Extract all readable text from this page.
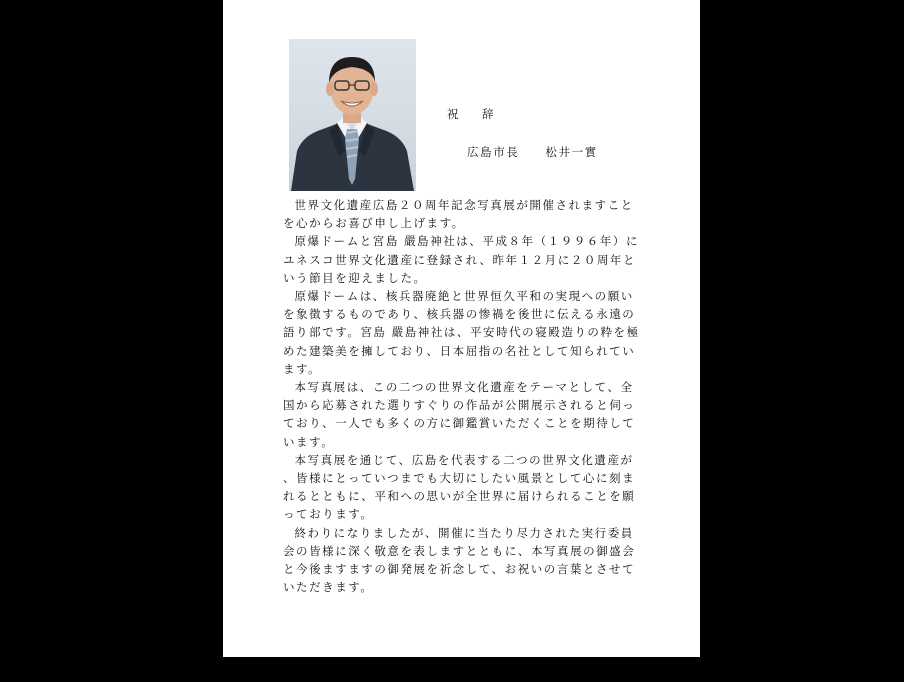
祝　辞
広島市長 松井一實

世界文化遺産広島２０周年記念写真展が開催されますことを心からお喜び申し上げます。

原爆ドームと宮島 嚴島神社は、平成８年（１９９６年）にユネスコ世界文化遺産に登録され、昨年１２月に２０周年という節目を迎えました。

原爆ドームは、核兵器廃絶と世界恒久平和の実現への願いを象徴するものであり、核兵器の惨禍を後世に伝える永遠の語り部です。宮島 嚴島神社は、平安時代の寝殿造りの粋を極めた建築美を擁しており、日本屈指の名社として知られています。

本写真展は、この二つの世界文化遺産をテーマとして、全国から応募された選りすぐりの作品が公開展示されると伺っており、一人でも多くの方に御鑑賞いただくことを期待しています。

本写真展を通じて、広島を代表する二つの世界文化遺産が、皆様にとっていつまでも大切にしたい風景として心に刻まれるとともに、平和への思いが全世界に届けられることを願っております。

終わりになりましたが、開催に当たり尽力された実行委員会の皆様に深く敬意を表しますとともに、本写真展の御盛会と今後ますますの御発展を祈念して、お祝いの言葉とさせていただきます。
